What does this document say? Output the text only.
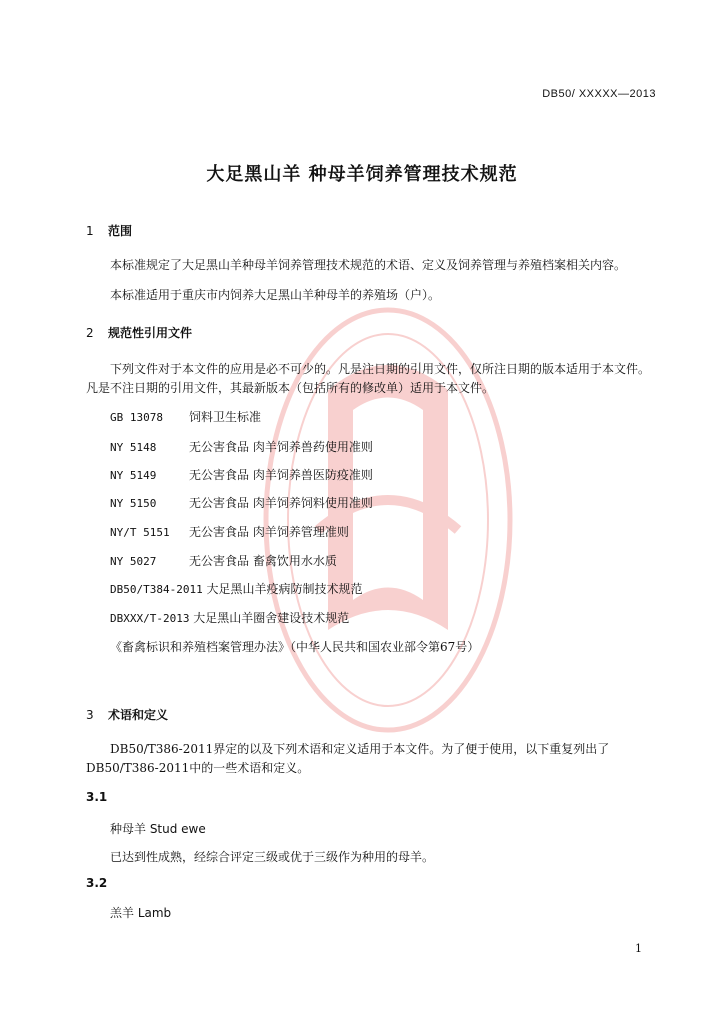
DB50/ XXXXX—2013
大足黑山羊 种母羊饲养管理技术规范
1 范围
本标准规定了大足黑山羊种母羊饲养管理技术规范的术语、定义及饲养管理与养殖档案相关内容。
本标准适用于重庆市内饲养大足黑山羊种母羊的养殖场（户）。
2 规范性引用文件
下列文件对于本文件的应用是必不可少的。凡是注日期的引用文件，仅所注日期的版本适用于本文件。凡是不注日期的引用文件，其最新版本（包括所有的修改单）适用于本文件。
GB 13078 饲料卫生标准
NY 5148	无公害食品 肉羊饲养兽药使用准则
NY 5149	无公害食品 肉羊饲养兽医防疫准则
NY 5150	无公害食品 肉羊饲养饲料使用准则
NY/T 5151 无公害食品 肉羊饲养管理准则
NY 5027	无公害食品 畜禽饮用水水质
DB50/T384-2011 大足黑山羊疫病防制技术规范
DBXXX/T-2013 大足黑山羊圈舍建设技术规范
《畜禽标识和养殖档案管理办法》（中华人民共和国农业部令第67号）
3 术语和定义
DB50/T386-2011界定的以及下列术语和定义适用于本文件。为了便于使用，以下重复列出了DB50/T386-2011中的一些术语和定义。
3.1
种母羊 Stud ewe
已达到性成熟，经综合评定三级或优于三级作为种用的母羊。
3.2
羔羊 Lamb
1
